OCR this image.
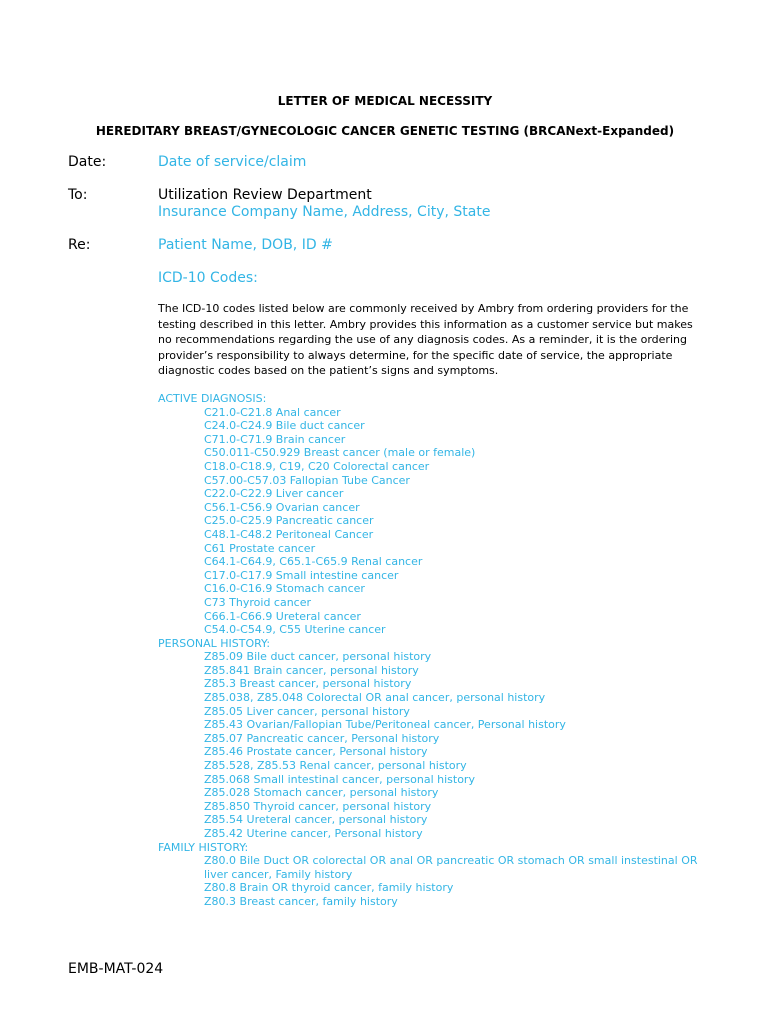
LETTER OF MEDICAL NECESSITY
HEREDITARY BREAST/GYNECOLOGIC CANCER GENETIC TESTING (BRCANext-Expanded)
Date:	Date of service/claim
To:	Utilization Review Department
Insurance Company Name, Address, City, State
Re:	Patient Name, DOB, ID #
ICD-10 Codes:

The ICD-10 codes listed below are commonly received by Ambry from ordering providers for the testing described in this letter. Ambry provides this information as a customer service but makes no recommendations regarding the use of any diagnosis codes. As a reminder, it is the ordering provider’s responsibility to always determine, for the specific date of service, the appropriate diagnostic codes based on the patient’s signs and symptoms.

ACTIVE DIAGNOSIS:
C21.0-C21.8 Anal cancer
C24.0-C24.9 Bile duct cancer
C71.0-C71.9 Brain cancer
C50.011-C50.929 Breast cancer (male or female)
C18.0-C18.9, C19, C20 Colorectal cancer
C57.00-C57.03 Fallopian Tube Cancer
C22.0-C22.9 Liver cancer
C56.1-C56.9 Ovarian cancer
C25.0-C25.9 Pancreatic cancer
C48.1-C48.2 Peritoneal Cancer
C61 Prostate cancer
C64.1-C64.9, C65.1-C65.9 Renal cancer
C17.0-C17.9 Small intestine cancer
C16.0-C16.9 Stomach cancer
C73 Thyroid cancer
C66.1-C66.9 Ureteral cancer
C54.0-C54.9, C55 Uterine cancer
PERSONAL HISTORY:
Z85.09 Bile duct cancer, personal history
Z85.841 Brain cancer, personal history
Z85.3 Breast cancer, personal history
Z85.038, Z85.048 Colorectal OR anal cancer, personal history
Z85.05 Liver cancer, personal history
Z85.43 Ovarian/Fallopian Tube/Peritoneal cancer, Personal history
Z85.07 Pancreatic cancer, Personal history
Z85.46 Prostate cancer, Personal history
Z85.528, Z85.53 Renal cancer, personal history
Z85.068 Small intestinal cancer, personal history
Z85.028 Stomach cancer, personal history
Z85.850 Thyroid cancer, personal history
Z85.54 Ureteral cancer, personal history
Z85.42 Uterine cancer, Personal history
FAMILY HISTORY:
Z80.0 Bile Duct OR colorectal OR anal OR pancreatic OR stomach OR small instestinal OR liver cancer, Family history
Z80.8 Brain OR thyroid cancer, family history
Z80.3 Breast cancer, family history
EMB-MAT-024
